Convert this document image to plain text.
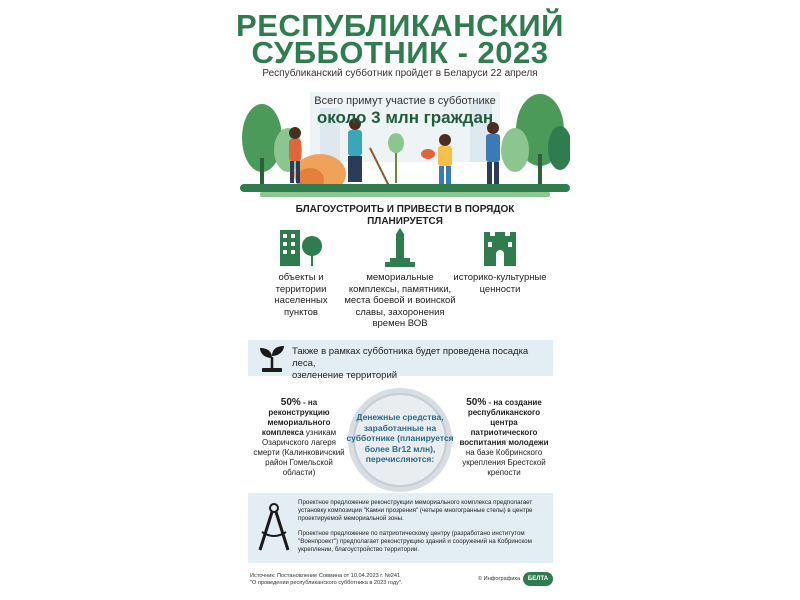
РЕСПУБЛИКАНСКИЙ
СУББОТНИК - 2023
Республиканский субботник пройдет в Беларуси 22 апреля
Всего примут участие в субботнике
около 3 млн граждан
БЛАГОУСТРОИТЬ И ПРИВЕСТИ В ПОРЯДОК
ПЛАНИРУЕТСЯ
объекты и
территории
населенных
пунктов
мемориальные
комплексы, памятники,
места боевой и воинской
славы, захоронения
времен ВОВ
историко-культурные
ценности
Также в рамках субботника будет проведена посадка леса,
озеленение территорий
Денежные средства,
заработанные на
субботнике (планируется
более Br12 млн),
перечисляются:
50% - на
реконструкцию
мемориального
комплекса узникам
Озаричского лагеря
смерти (Калинковичский
район Гомельской
области)
50% - на создание
республиканского
центра патриотического
воспитания молодежи
на базе Кобринского
укрепления Брестской
крепости
Проектное предложение реконструкции мемориального комплекса предполагает
установку композиции "Камни прозрения" (четыре многогранные стелы) в центре
проектируемой мемориальной зоны.
Проектное предложение по патриотическому центру (разработано институтом
"Военпроект") предполагает реконструкцию зданий и сооружений на Кобринском
укреплении, благоустройство территории.
Источник: Постановление Совмина от 10.04.2023 г. №241
"О проведении республиканского субботника в 2023 году".
© Инфографика	БЕЛТА
